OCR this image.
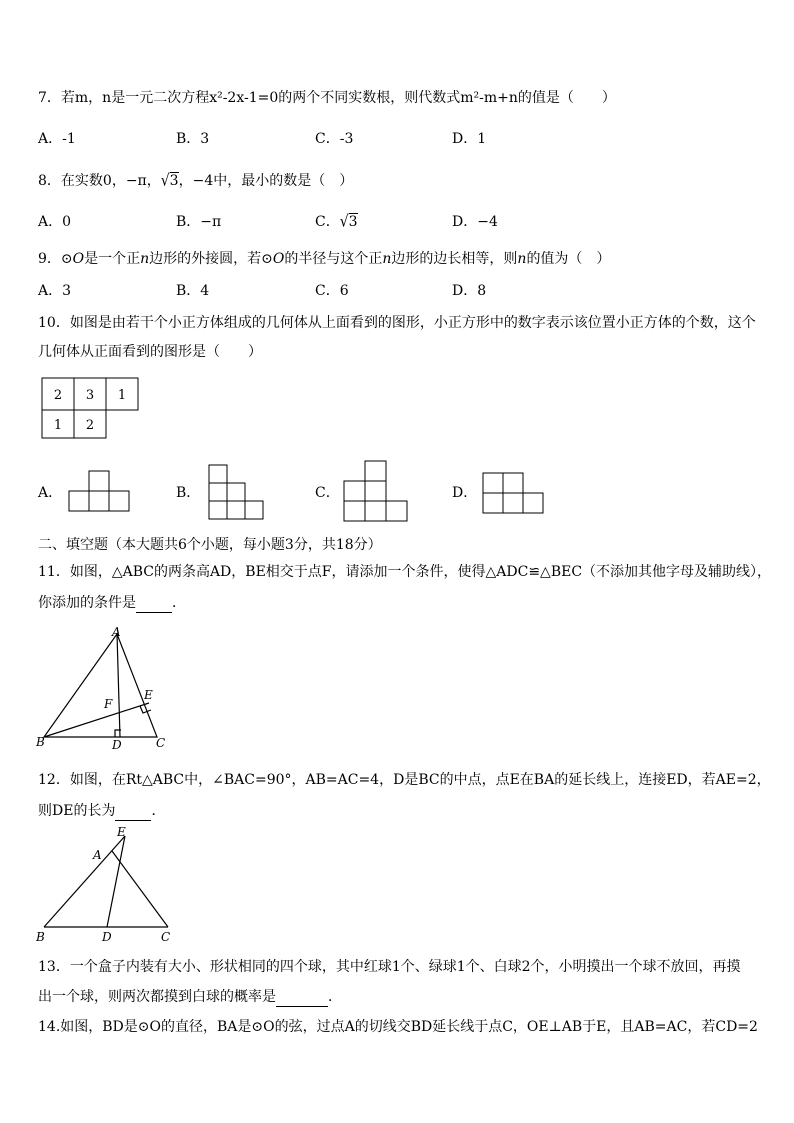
7．若m，n是一元二次方程x²-2x-1=0的两个不同实数根，则代数式m²-m+n的值是（　　）
A．-1	B．3	C．-3	D．1
8．在实数0，−π，√3，−4中，最小的数是（　）
A．0	B．−π	C．√3	D．−4
9．⊙O是一个正n边形的外接圆，若⊙O的半径与这个正n边形的边长相等，则n的值为（　）
A．3	B．4	C．6	D．8
10．如图是由若干个小正方体组成的几何体从上面看到的图形，小正方形中的数字表示该位置小正方体的个数，这个
几何体从正面看到的图形是（　　）
2 3 1
1 2
A．	B．	C．	D．
二、填空题（本大题共6个小题，每小题3分，共18分）
11．如图，△ABC的两条高AD，BE相交于点F，请添加一个条件，使得△ADC≌△BEC（不添加其他字母及辅助线），
你添加的条件是	．
A
B	C
D
E
F
12．如图，在Rt△ABC中，∠BAC=90°，AB=AC=4，D是BC的中点，点E在BA的延长线上，连接ED，若AE=2，
则DE的长为	．
E
A
B	D	C
13．一个盒子内装有大小、形状相同的四个球，其中红球1个、绿球1个、白球2个，小明摸出一个球不放回，再摸
出一个球，则两次都摸到白球的概率是	．
14.如图，BD是⊙O的直径，BA是⊙O的弦，过点A的切线交BD延长线于点C，OE⊥AB于E，且AB=AC，若CD=2
